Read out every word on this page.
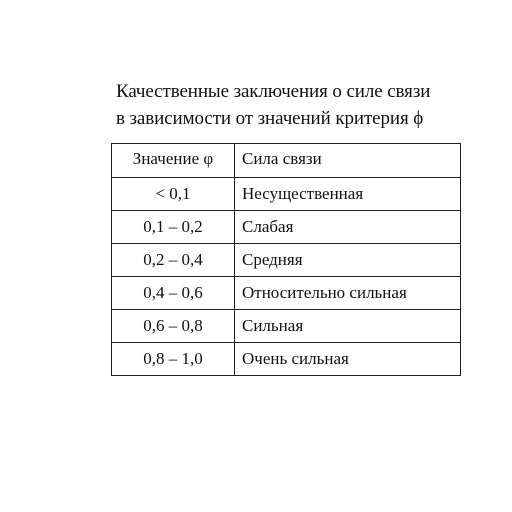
Качественные заключения о силе связи
в зависимости от значений критерия ϕ
Значение φ	Сила связи
< 0,1	Несущественная
0,1 – 0,2	Слабая
0,2 – 0,4	Средняя
0,4 – 0,6	Относительно сильная
0,6 – 0,8	Сильная
0,8 – 1,0	Очень сильная
